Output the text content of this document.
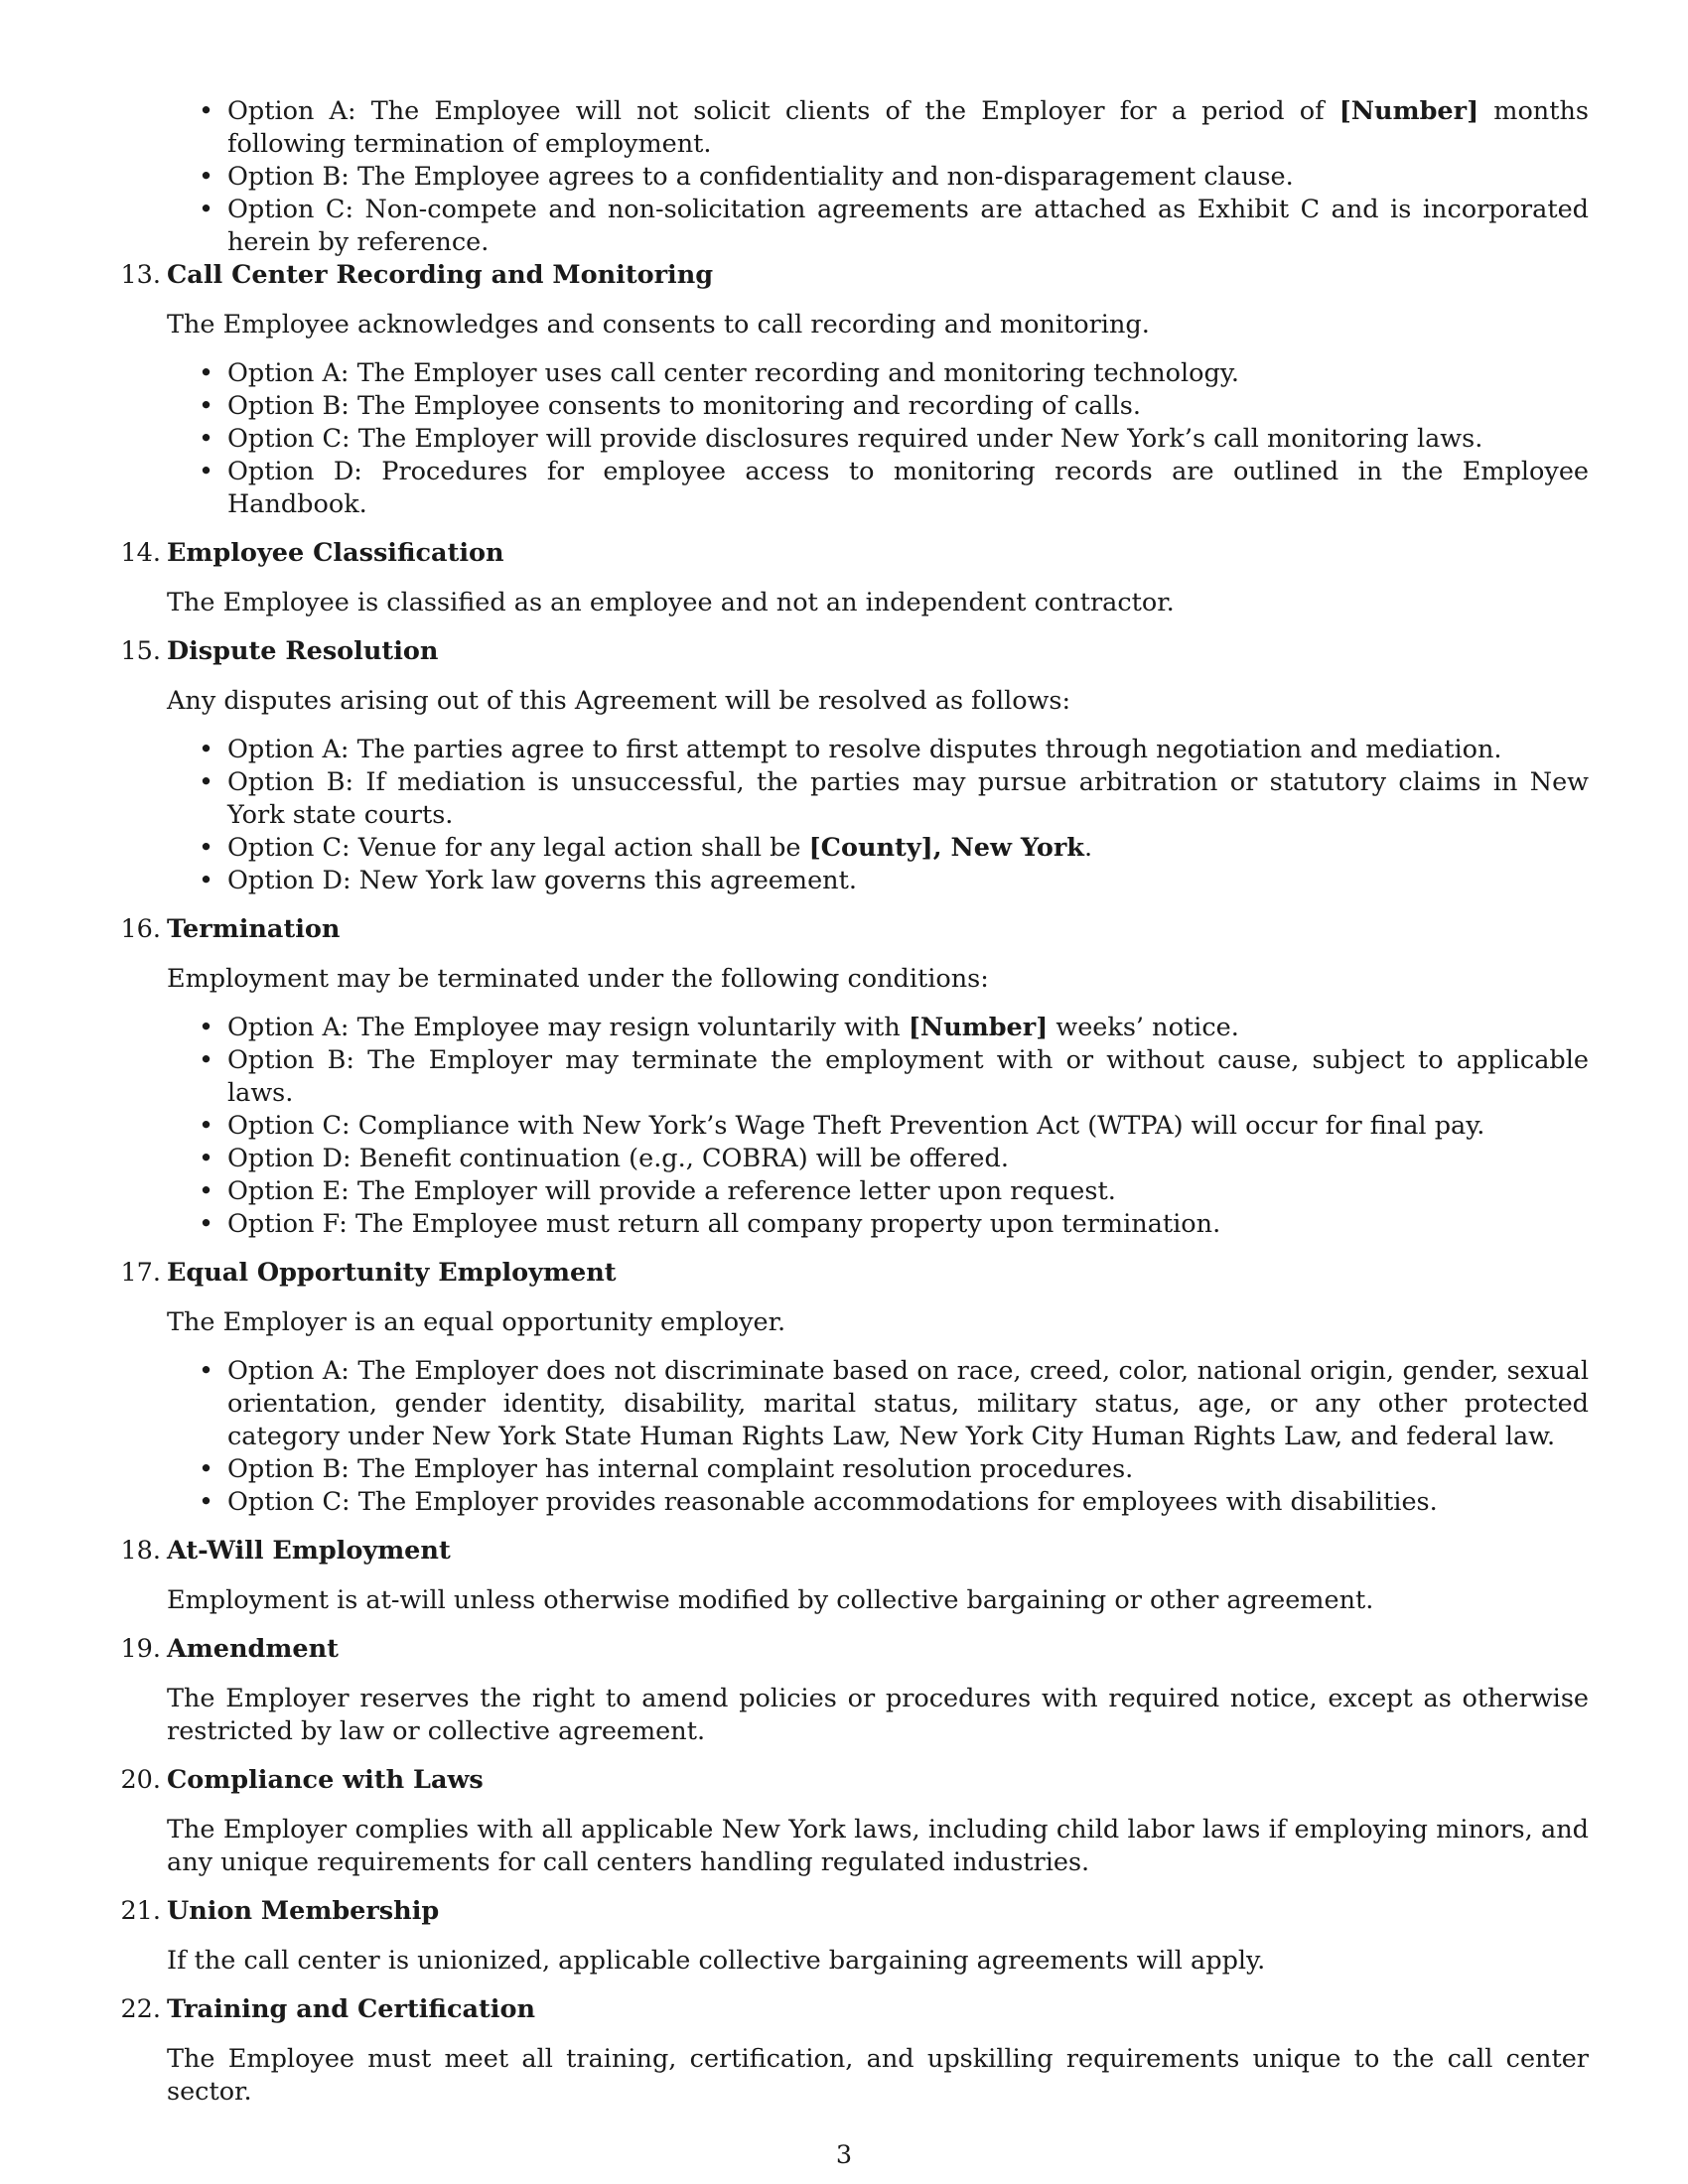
• Option A: The Employee will not solicit clients of the Employer for a period of [Number] months following termination of employment.
• Option B: The Employee agrees to a confidentiality and non-disparagement clause.
• Option C: Non-compete and non-solicitation agreements are attached as Exhibit C and is incorporated herein by reference.
13. Call Center Recording and Monitoring
The Employee acknowledges and consents to call recording and monitoring.
• Option A: The Employer uses call center recording and monitoring technology.
• Option B: The Employee consents to monitoring and recording of calls.
• Option C: The Employer will provide disclosures required under New York’s call monitoring laws.
• Option D: Procedures for employee access to monitoring records are outlined in the Employee Handbook.
14. Employee Classification
The Employee is classified as an employee and not an independent contractor.
15. Dispute Resolution
Any disputes arising out of this Agreement will be resolved as follows:
• Option A: The parties agree to first attempt to resolve disputes through negotiation and mediation.
• Option B: If mediation is unsuccessful, the parties may pursue arbitration or statutory claims in New York state courts.
• Option C: Venue for any legal action shall be [County], New York.
• Option D: New York law governs this agreement.
16. Termination
Employment may be terminated under the following conditions:
• Option A: The Employee may resign voluntarily with [Number] weeks’ notice.
• Option B: The Employer may terminate the employment with or without cause, subject to applicable laws.
• Option C: Compliance with New York’s Wage Theft Prevention Act (WTPA) will occur for final pay.
• Option D: Benefit continuation (e.g., COBRA) will be offered.
• Option E: The Employer will provide a reference letter upon request.
• Option F: The Employee must return all company property upon termination.
17. Equal Opportunity Employment
The Employer is an equal opportunity employer.
• Option A: The Employer does not discriminate based on race, creed, color, national origin, gender, sexual orientation, gender identity, disability, marital status, military status, age, or any other protected category under New York State Human Rights Law, New York City Human Rights Law, and federal law.
• Option B: The Employer has internal complaint resolution procedures.
• Option C: The Employer provides reasonable accommodations for employees with disabilities.
18. At-Will Employment
Employment is at-will unless otherwise modified by collective bargaining or other agreement.
19. Amendment
The Employer reserves the right to amend policies or procedures with required notice, except as otherwise restricted by law or collective agreement.
20. Compliance with Laws
The Employer complies with all applicable New York laws, including child labor laws if employing minors, and any unique requirements for call centers handling regulated industries.
21. Union Membership
If the call center is unionized, applicable collective bargaining agreements will apply.
22. Training and Certification
The Employee must meet all training, certification, and upskilling requirements unique to the call center sector.
3
